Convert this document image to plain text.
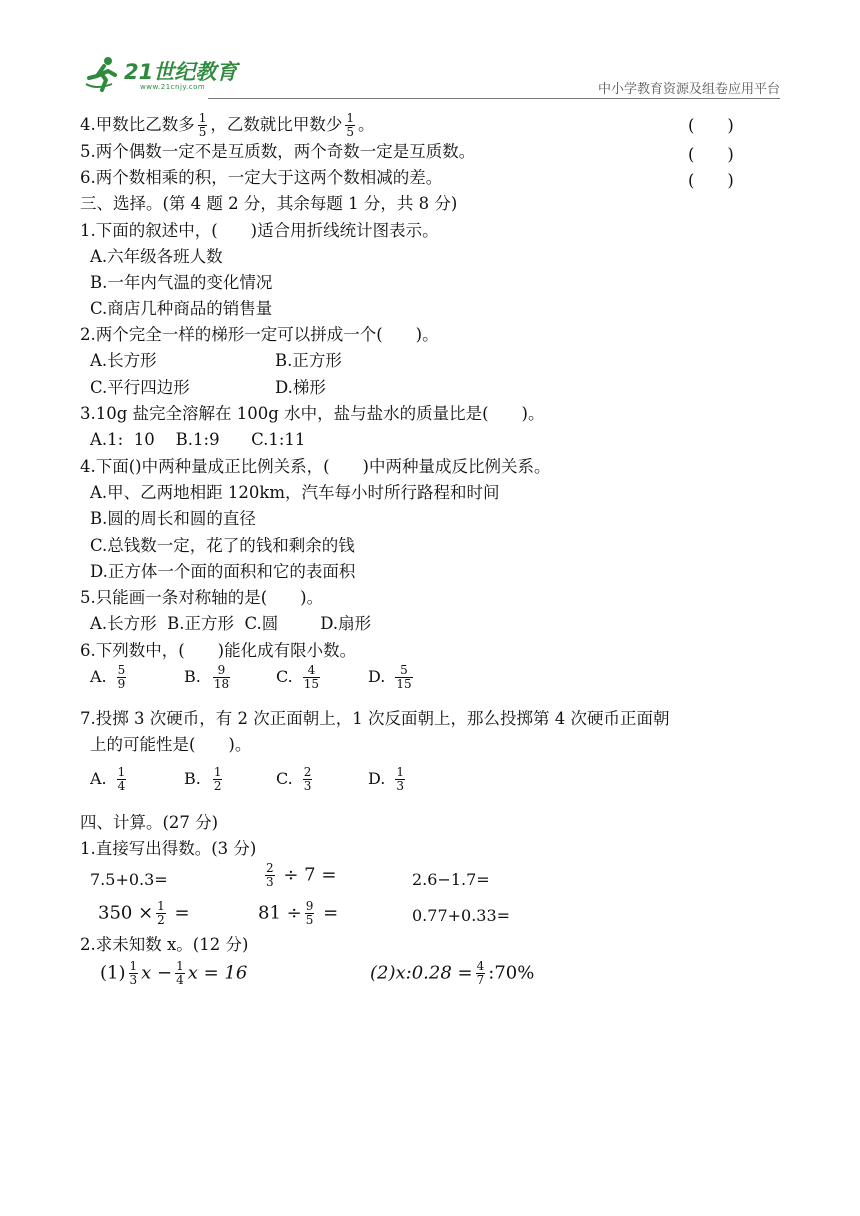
21世纪教育
www.21cnjy.com	中小学教育资源及组卷应用平台
4.甲数比乙数多 $\frac{1}{5}$ ，乙数就比甲数少 $\frac{1}{5}$ 。	(　　)
5.两个偶数一定不是互质数，两个奇数一定是互质数。	(　　)
6.两个数相乘的积，一定大于这两个数相减的差。	(　　)
三、选择。(第 4 题 2 分，其余每题 1 分，共 8 分)
1.下面的叙述中，(　　)适合用折线统计图表示。
A.六年级各班人数
B.一年内气温的变化情况
C.商店几种商品的销售量
2.两个完全一样的梯形一定可以拼成一个(　　)。
A.长方形	B.正方形
C.平行四边形	D.梯形
3.10g 盐完全溶解在 100g 水中，盐与盐水的质量比是(　　)。
A.1:  10    B.1:9      C.1:11
4.下面()中两种量成正比例关系，(　　)中两种量成反比例关系。
A.甲、乙两地相距 120km，汽车每小时所行路程和时间
B.圆的周长和圆的直径
C.总钱数一定，花了的钱和剩余的钱
D.正方体一个面的面积和它的表面积
5.只能画一条对称轴的是(　　)。
A.长方形  B.正方形  C.圆        D.扇形
6.下列数中，(　　)能化成有限小数。
A. $\frac{5}{9}$	B. $\frac{9}{18}$	C. $\frac{4}{15}$	D. $\frac{5}{15}$
7.投掷 3 次硬币，有 2 次正面朝上，1 次反面朝上，那么投掷第 4 次硬币正面朝
上的可能性是(　　)。
A. $\frac{1}{4}$	B. $\frac{1}{2}$	C. $\frac{2}{3}$	D. $\frac{1}{3}$
四、计算。(27 分)
1.直接写出得数。(3 分)
7.5+0.3=	$\frac{2}{3} \div 7$ =	2.6−1.7=
$350 \times \frac{1}{2}$ =	$81 \div \frac{9}{5}$ =	0.77+0.33=
2.求未知数 x。(12 分)
$(1) \frac{1}{3}$ $x - \frac{1}{4}$ x = 16	(2)x:0.28 = $\frac{4}{7}$ :70%
